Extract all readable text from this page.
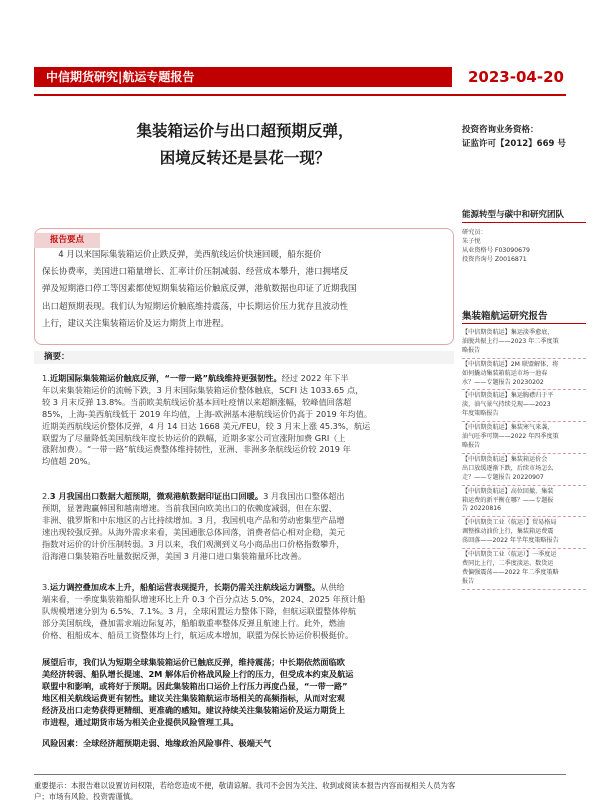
中信期货研究|航运专题报告	2023-04-20
集装箱运价与出口超预期反弹，
困境反转还是昙花一现？
投资咨询业务资格：
证监许可【2012】669 号
能源转型与碳中和研究团队
研究员：
朱子悦
从业资格号 F03090679
投资咨询号 Z0016871
集装箱航运研究报告
【中信期货航运】集运淡季愈底，
油脱共振上行——2023 年二季度策
略报告
【中信期货航运】2M 联盟解体，将
如何撬动集装箱航运市场一池春
水？——专题报告 20230202
【中信期货航运】集运胸襟归于平
淡，油气景气持续兑现——2023
年度策略报告
【中信期货航运】集装寒气来袭，
油气旺季可期——2022 年四季度策
略报告
【中信期货航运】集装箱运价会
出口放缓逐渐下跌，后续市场怎么
走？——专题报告 20220907
【中信期货航运】高位回撤，集装
箱运费的新平衡在哪？——专题报
告 20220816
【中信期货工业（航运）】贸易格局
调整推动油价上行，集装箱运费震
荡回落——2022 年半年度策略报告
【中信期货工业（航运）】一季度运
费同比上行，二季度淡运、数货运
费偏强震荡——2022 年二季度策略
报告
报告要点
4 月以来国际集装箱运价止跌反弹，美西航线运价快速回暖，船东挺价
保长协费率，美国进口箱量增长、汇率计价压制减弱、经营成本攀升，港口拥堵反
弹及短期港口停工等因素都使短期集装箱运价触底反弹，港航数据也印证了近期我国
出口超预期表现。我们认为短期运价触底维持震荡，中长期运价压力犹存且波动性
上行，建议关注集装箱运价及运力期货上市进程。
摘要：
1.近期国际集装箱运价触底反弹，“一带一路”航线维持更强韧性。经过 2022 年下半
年以来集装箱运价的流畅下跌，3 月末国际集装箱运价整体触底，SCFI 达 1033.65 点，
较 3 月末反弹 13.8%。当前欧美航线运价基本回吐疫情以来超额涨幅，较峰值回落超
85%，上海-美西航线低于 2019 年均值，上海-欧洲基本港航线运价仍高于 2019 年均值。
近期美西航线运价整体反弹，4 月 14 日达 1668 美元/FEU，较 3 月末上涨 45.3%，航运
联盟为了尽量降低美国航线年度长协运价的跌幅，近期多家公司宣涨附加费 GRI（上
涨附加费）。“一带一路”航线运费整体维持韧性，亚洲、非洲多条航线运价较 2019 年
均值超 20%。
2.3 月我国出口数据大超预期，微观港航数据印证出口回暖。3 月我国出口整体超出
预期，显著跑赢韩国和越南增速。当前我国向欧美出口的依赖度减弱，但在东盟、
非洲、俄罗斯和中东地区的占比持续增加。3 月，我国机电产品和劳动密集型产品增
速出现较强反弹。从海外需求来看，美国通胀总体回落，消费者信心相对企稳，美元
指数对运价的计价压制转弱。3 月以来，我们观测到义乌小商品出口价格指数攀升，
沿海港口集装箱吞吐量数据反弹，美国 3 月港口进口集装箱量环比改善。
3.运力调控叠加成本上升，船舶运营表现提升，长期仍需关注航线运力调整。从供给
端来看，一季度集装箱船队增速环比上升 0.3 个百分点达 5.0%，2024、2025 年预计船
队规模增速分别为 6.5%、7.1%。3 月，全球闲置运力整体下降，但航运联盟整体停航
部分美国航线，叠加需求端边际复苏，船舶载重率整体反弹且航速上行。此外，燃油
价格、租船成本、船员工资整体均上行，航运成本增加，联盟为保长协运价积极挺价。
展望后市，我们认为短期全球集装箱运价已触底反弹，维持震荡；中长期依然面临欧
美经济转弱、船队增长提速、2M 解体后价格战风险上行的压力，但受成本约束及航运
联盟中和影响，或将好于预期。因此集装箱出口运价上行压力再度凸显，“一带一路”
地区相关航线运费更有韧性。建议关注集装箱航运市场相关的高频指标，从而对宏观
经济及出口走势获得更精细、更准确的感知。建议持续关注集装箱运价及运力期货上
市进程，通过期货市场为相关企业提供风险管理工具。
风险因素：全球经济超预期走弱、地缘政治风险事件、极端天气
重要提示：本报告难以设置访问权限，若给您造成不便，敬请谅解。我司不会因为关注、收到或阅读本报告内容而视相关人员为客
户；市场有风险，投资需谨慎。
